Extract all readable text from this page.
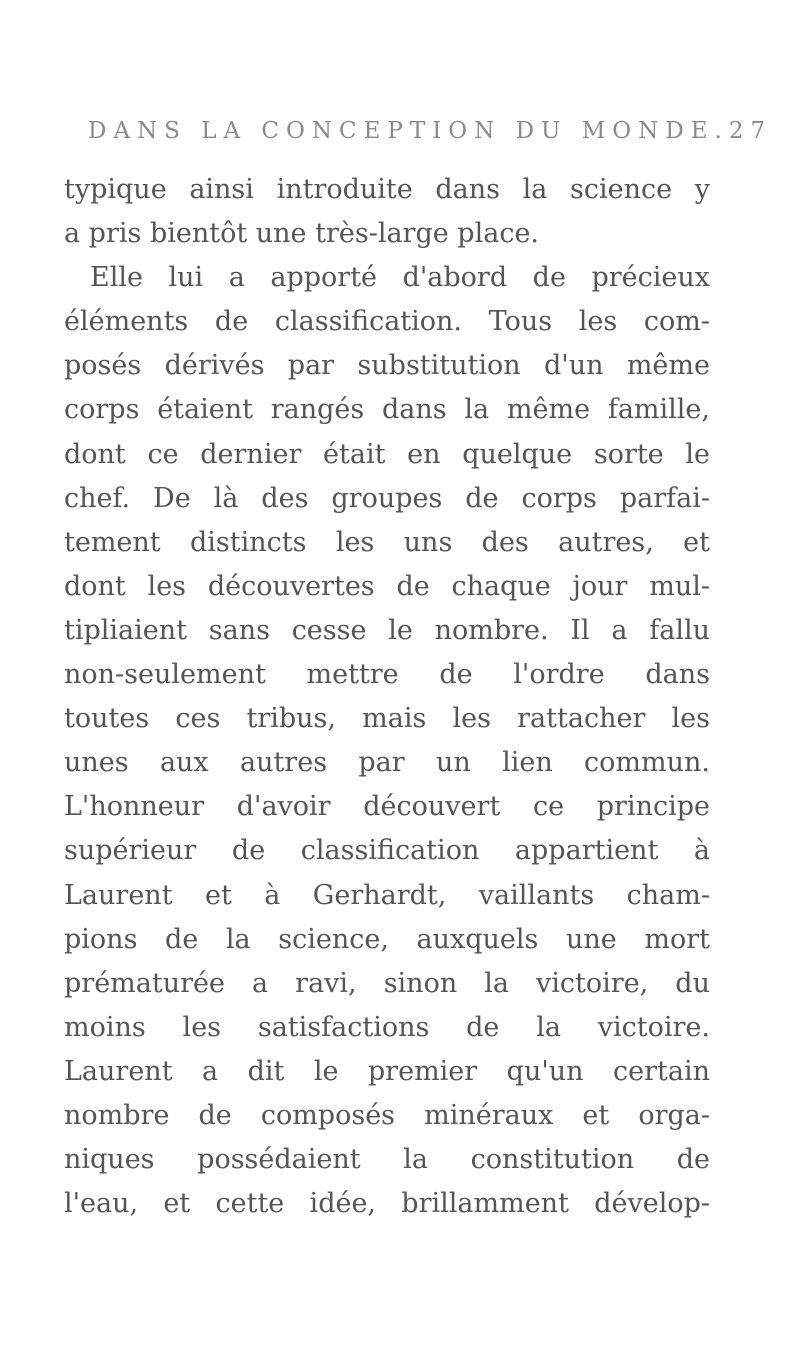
DANS LA CONCEPTION DU MONDE. 27
typique ainsi introduite dans la science y
a pris bientôt une très-large place.
Elle lui a apporté d'abord de précieux
éléments de classification. Tous les com-
posés dérivés par substitution d'un même
corps étaient rangés dans la même famille,
dont ce dernier était en quelque sorte le
chef. De là des groupes de corps parfai-
tement distincts les uns des autres, et
dont les découvertes de chaque jour mul-
tipliaient sans cesse le nombre. Il a fallu
non-seulement mettre de l'ordre dans
toutes ces tribus, mais les rattacher les
unes aux autres par un lien commun.
L'honneur d'avoir découvert ce principe
supérieur de classification appartient à
Laurent et à Gerhardt, vaillants cham-
pions de la science, auxquels une mort
prématurée a ravi, sinon la victoire, du
moins les satisfactions de la victoire.
Laurent a dit le premier qu'un certain
nombre de composés minéraux et orga-
niques possédaient la constitution de
l'eau, et cette idée, brillamment dévelop-
